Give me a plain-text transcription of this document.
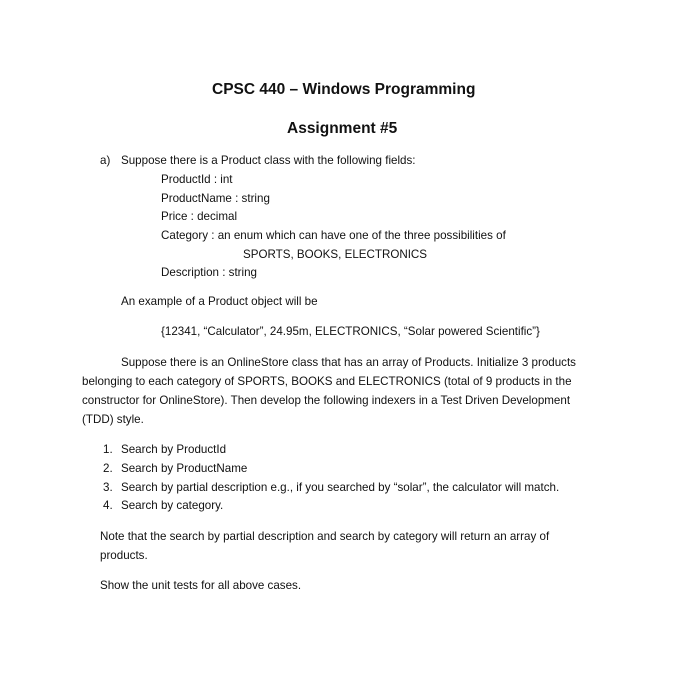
CPSC 440 – Windows Programming
Assignment #5
a) Suppose there is a Product class with the following fields:
ProductId : int
ProductName : string
Price : decimal
Category : an enum which can have one of the three possibilities of
SPORTS, BOOKS, ELECTRONICS
Description : string
An example of a Product object will be
{12341, “Calculator”, 24.95m, ELECTRONICS, “Solar powered Scientific”}
Suppose there is an OnlineStore class that has an array of Products. Initialize 3 products
belonging to each category of SPORTS, BOOKS and ELECTRONICS (total of 9 products in the
constructor for OnlineStore). Then develop the following indexers in a Test Driven Development
(TDD) style.
1. Search by ProductId
2. Search by ProductName
3. Search by partial description e.g., if you searched by “solar”, the calculator will match.
4. Search by category.
Note that the search by partial description and search by category will return an array of
products.
Show the unit tests for all above cases.
